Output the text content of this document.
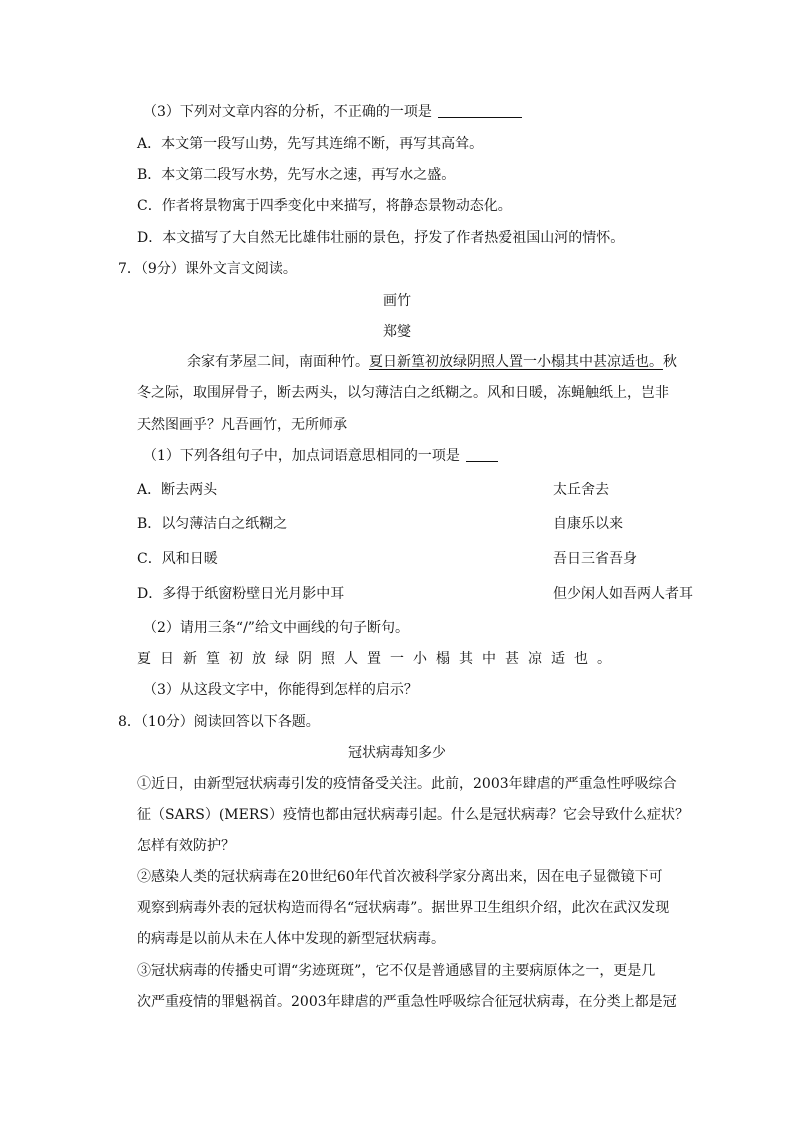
（3）下列对文章内容的分析，不正确的一项是
A．本文第一段写山势，先写其连绵不断，再写其高耸。
B．本文第二段写水势，先写水之速，再写水之盛。
C．作者将景物寓于四季变化中来描写，将静态景物动态化。
D．本文描写了大自然无比雄伟壮丽的景色，抒发了作者热爱祖国山河的情怀。
7．（9分）课外文言文阅读。
画竹
郑燮
余家有茅屋二间，南面种竹。夏日新篁初放绿阴照人置一小榻其中甚凉适也。秋
冬之际，取围屏骨子，断去两头，以匀薄洁白之纸糊之。风和日暖，冻蝇触纸上，岂非
天然图画乎？凡吾画竹，无所师承
（1）下列各组句子中，加点词语意思相同的一项是
A．断去两头	太丘舍去
B．以匀薄洁白之纸糊之	自康乐以来
C．风和日暖	吾日三省吾身
D．多得于纸窗粉壁日光月影中耳	但少闲人如吾两人者耳
（2）请用三条“/”给文中画线的句子断句。
夏日新篁初放绿阴照人置一小榻其中甚凉适也。
（3）从这段文字中，你能得到怎样的启示？
8．（10分）阅读回答以下各题。
冠状病毒知多少
①近日，由新型冠状病毒引发的疫情备受关注。此前，2003年肆虐的严重急性呼吸综合
征（SARS）(MERS）疫情也都由冠状病毒引起。什么是冠状病毒？它会导致什么症状？
怎样有效防护？
②感染人类的冠状病毒在20世纪60年代首次被科学家分离出来，因在电子显微镜下可
观察到病毒外表的冠状构造而得名“冠状病毒”。据世界卫生组织介绍，此次在武汉发现
的病毒是以前从未在人体中发现的新型冠状病毒。
③冠状病毒的传播史可谓“劣迹斑斑”，它不仅是普通感冒的主要病原体之一，更是几
次严重疫情的罪魁祸首。2003年肆虐的严重急性呼吸综合征冠状病毒，在分类上都是冠
